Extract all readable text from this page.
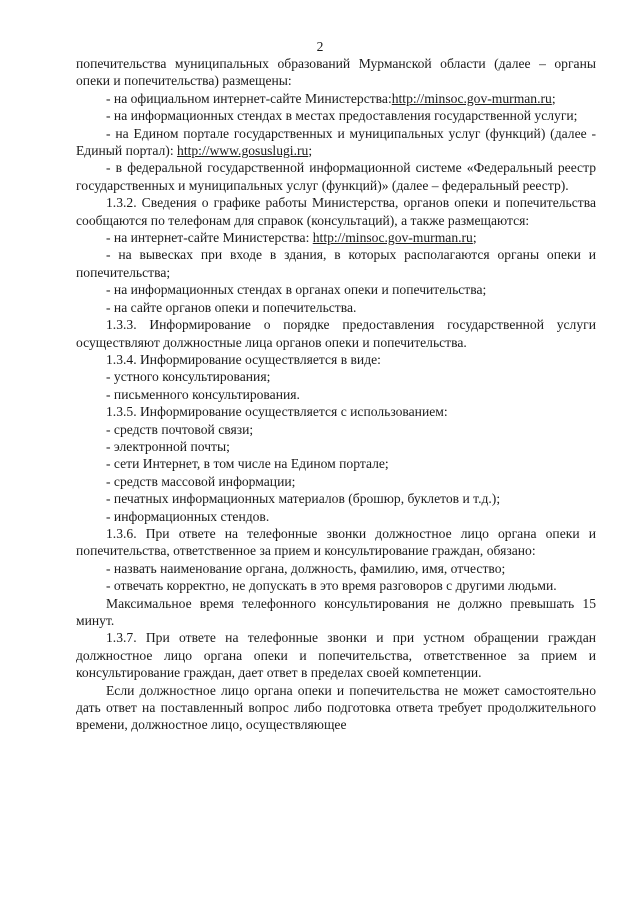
2

попечительства муниципальных образований Мурманской области (далее – органы опеки и попечительства) размещены:

- на официальном интернет-сайте Министерства:http://minsoc.gov-murman.ru;

- на информационных стендах в местах предоставления государственной услуги;

- на Едином портале государственных и муниципальных услуг (функций) (далее - Единый портал): http://www.gosuslugi.ru;

- в федеральной государственной информационной системе «Федеральный реестр государственных и муниципальных услуг (функций)» (далее – федеральный реестр).

1.3.2. Сведения о графике работы Министерства, органов опеки и попечительства сообщаются по телефонам для справок (консультаций), а также размещаются:

- на интернет-сайте Министерства: http://minsoc.gov-murman.ru;

- на вывесках при входе в здания, в которых располагаются органы опеки и попечительства;

- на информационных стендах в органах опеки и попечительства;

- на сайте органов опеки и попечительства.

1.3.3. Информирование о порядке предоставления государственной услуги осуществляют должностные лица органов опеки и попечительства.

1.3.4. Информирование осуществляется в виде:

- устного консультирования;

- письменного консультирования.

1.3.5. Информирование осуществляется с использованием:

- средств почтовой связи;

- электронной почты;

- сети Интернет, в том числе на Едином портале;

- средств массовой информации;

- печатных информационных материалов (брошюр, буклетов и т.д.);

- информационных стендов.

1.3.6. При ответе на телефонные звонки должностное лицо органа опеки и попечительства, ответственное за прием и консультирование граждан, обязано:

- назвать наименование органа, должность, фамилию, имя, отчество;

- отвечать корректно, не допускать в это время разговоров с другими людьми.

Максимальное время телефонного консультирования не должно превышать 15 минут.

1.3.7. При ответе на телефонные звонки и при устном обращении граждан должностное лицо органа опеки и попечительства, ответственное за прием и консультирование граждан, дает ответ в пределах своей компетенции.

Если должностное лицо органа опеки и попечительства не может самостоятельно дать ответ на поставленный вопрос либо подготовка ответа требует продолжительного времени, должностное лицо, осуществляющее
